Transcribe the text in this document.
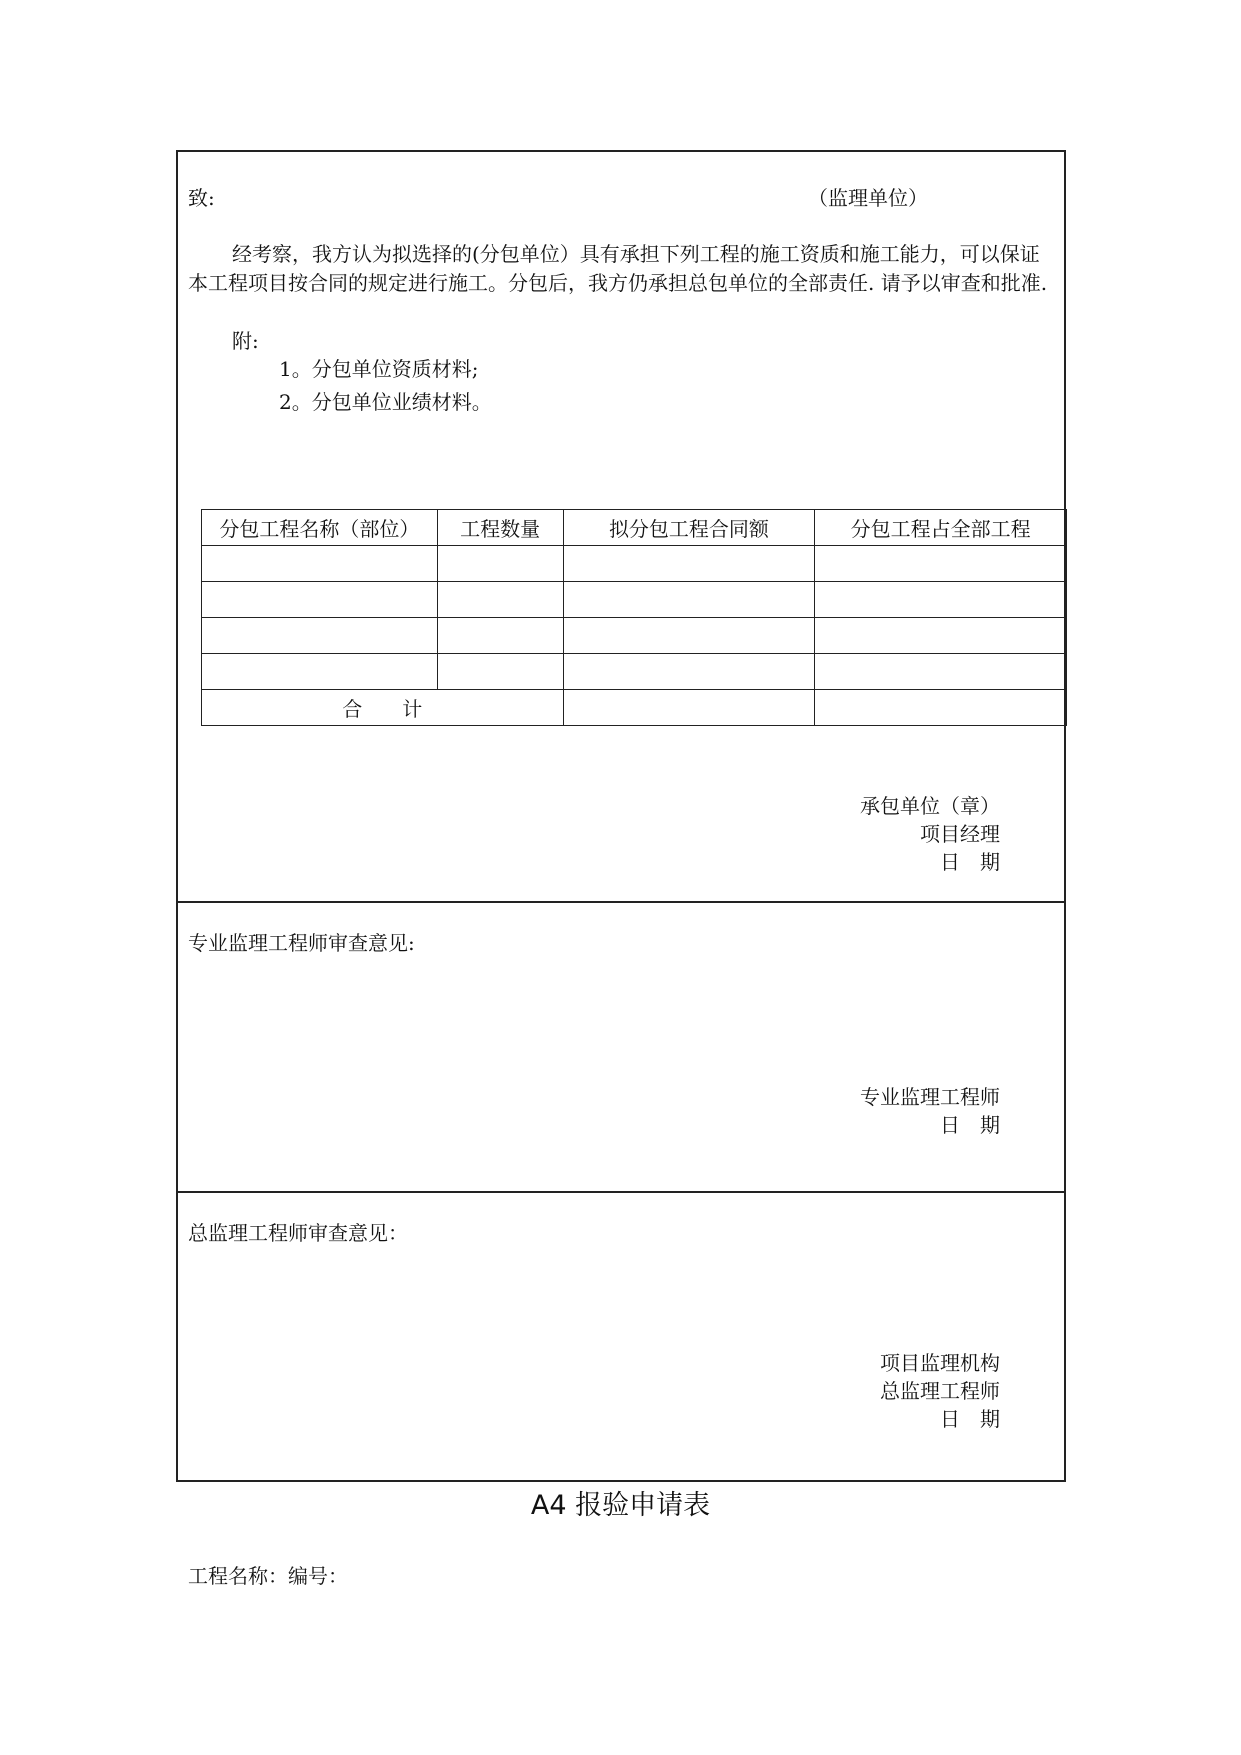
致:	（监理单位）
经考察，我方认为拟选择的(分包单位）具有承担下列工程的施工资质和施工能力，可以保证本工程项目按合同的规定进行施工。分包后，我方仍承担总包单位的全部责任. 请予以审查和批准.
附:
1。分包单位资质材料;
2。分包单位业绩材料。
分包工程名称（部位）	工程数量	拟分包工程合同额	分包工程占全部工程

合　　计			
承包单位（章）
项目经理
日　期
专业监理工程师审查意见:
专业监理工程师
日　期
总监理工程师审查意见：
项目监理机构
总监理工程师
日　期
A4 报验申请表
工程名称：编号：
